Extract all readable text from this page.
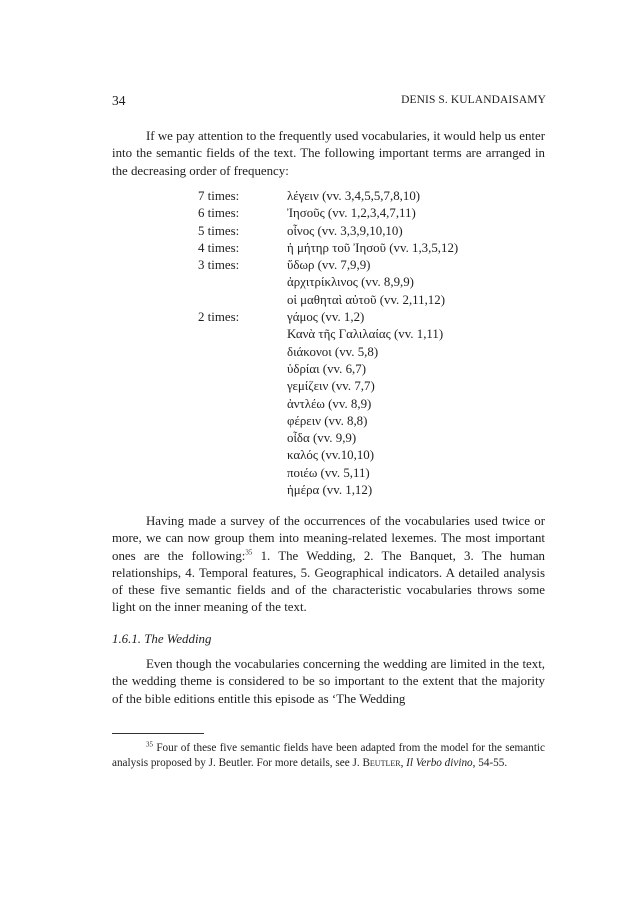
34	DENIS S. KULANDAISAMY

If we pay attention to the frequently used vocabularies, it would help us enter into the semantic fields of the text. The following important terms are arranged in the decreasing order of frequency:

7 times:	λέγειν (vv. 3,4,5,5,7,8,10)
6 times:	Ἰησοῦς (vv. 1,2,3,4,7,11)
5 times:	οἶνος (vv. 3,3,9,10,10)
4 times:	ἡ μήτηρ τοῦ Ἰησοῦ (vv. 1,3,5,12)
3 times:	ὕδωρ (vv. 7,9,9)
ἀρχιτρίκλινος (vv. 8,9,9)
οἱ μαθηταὶ αὐτοῦ (vv. 2,11,12)
2 times:	γάμος (vv. 1,2)
Κανὰ τῆς Γαλιλαίας (vv. 1,11)
διάκονοι (vv. 5,8)
ὑδρίαι (vv. 6,7)
γεμίζειν (vv. 7,7)
ἀντλέω (vv. 8,9)
φέρειν (vv. 8,8)
οἶδα (vv. 9,9)
καλός (vv.10,10)
ποιέω (vv. 5,11)
ἡμέρα (vv. 1,12)

Having made a survey of the occurrences of the vocabularies used twice or more, we can now group them into meaning-related lexemes. The most important ones are the following:$^{35}$ 1. The Wedding, 2. The Banquet, 3. The human relationships, 4. Temporal features, 5. Geographical indicators. A detailed analysis of these five semantic fields and of the characteristic vocabularies throws some light on the inner meaning of the text.

1.6.1. The Wedding

Even though the vocabularies concerning the wedding are limited in the text, the wedding theme is considered to be so important to the extent that the majority of the bible editions entitle this episode as ‘The Wedding

$^{35}$ Four of these five semantic fields have been adapted from the model for the semantic analysis proposed by J. Beutler. For more details, see J. Beutler, Il Verbo divino, 54-55.
